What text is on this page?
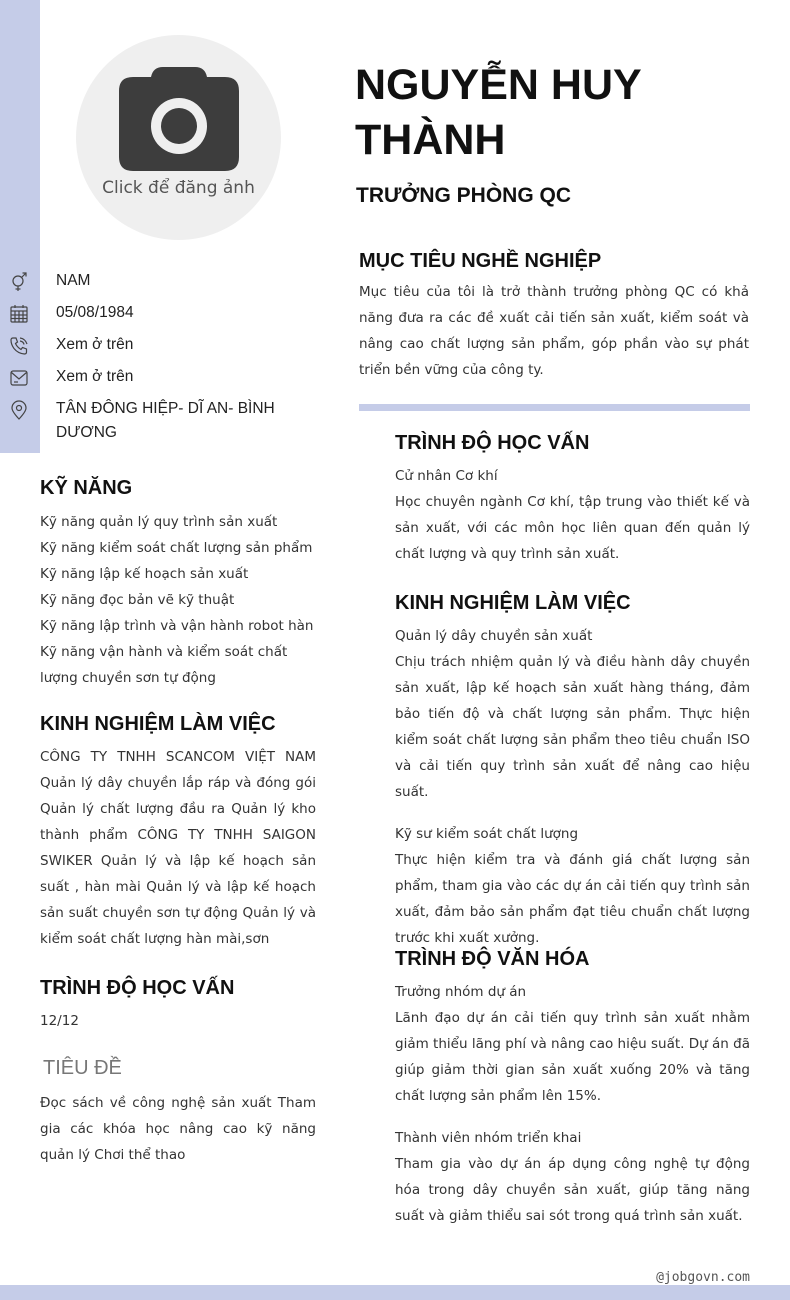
Click để đăng ảnh
NGUYỄN HUY THÀNH
TRƯỞNG PHÒNG QC
NAM
05/08/1984
Xem ở trên
Xem ở trên
TÂN ĐÔNG HIỆP- DĨ AN- BÌNH DƯƠNG
MỤC TIÊU NGHỀ NGHIỆP
Mục tiêu của tôi là trở thành trưởng phòng QC có khả năng đưa ra các đề xuất cải tiến sản xuất, kiểm soát và nâng cao chất lượng sản phẩm, góp phần vào sự phát triển bền vững của công ty.
KỸ NĂNG
Kỹ năng quản lý quy trình sản xuất
Kỹ năng kiểm soát chất lượng sản phẩm
Kỹ năng lập kế hoạch sản xuất
Kỹ năng đọc bản vẽ kỹ thuật
Kỹ năng lập trình và vận hành robot hàn
Kỹ năng vận hành và kiểm soát chất lượng chuyền sơn tự động
KINH NGHIỆM LÀM VIỆC
CÔNG TY TNHH SCANCOM VIỆT NAM Quản lý dây chuyền lắp ráp và đóng gói Quản lý chất lượng đầu ra Quản lý kho thành phẩm CÔNG TY TNHH SAIGON SWIKER Quản lý và lập kế hoạch sản suất , hàn mài Quản lý và lập kế hoạch sản suất chuyền sơn tự động Quản lý và kiểm soát chất lượng hàn mài,sơn
TRÌNH ĐỘ HỌC VẤN
12/12
TIÊU ĐỀ
Đọc sách về công nghệ sản xuất Tham gia các khóa học nâng cao kỹ năng quản lý Chơi thể thao
TRÌNH ĐỘ HỌC VẤN
Cử nhân Cơ khí
Học chuyên ngành Cơ khí, tập trung vào thiết kế và sản xuất, với các môn học liên quan đến quản lý chất lượng và quy trình sản xuất.
KINH NGHIỆM LÀM VIỆC
Quản lý dây chuyền sản xuất
Chịu trách nhiệm quản lý và điều hành dây chuyền sản xuất, lập kế hoạch sản xuất hàng tháng, đảm bảo tiến độ và chất lượng sản phẩm. Thực hiện kiểm soát chất lượng sản phẩm theo tiêu chuẩn ISO và cải tiến quy trình sản xuất để nâng cao hiệu suất.
Kỹ sư kiểm soát chất lượng
Thực hiện kiểm tra và đánh giá chất lượng sản phẩm, tham gia vào các dự án cải tiến quy trình sản xuất, đảm bảo sản phẩm đạt tiêu chuẩn chất lượng trước khi xuất xưởng.
TRÌNH ĐỘ VĂN HÓA
Trưởng nhóm dự án
Lãnh đạo dự án cải tiến quy trình sản xuất nhằm giảm thiểu lãng phí và nâng cao hiệu suất. Dự án đã giúp giảm thời gian sản xuất xuống 20% và tăng chất lượng sản phẩm lên 15%.
Thành viên nhóm triển khai
Tham gia vào dự án áp dụng công nghệ tự động hóa trong dây chuyền sản xuất, giúp tăng năng suất và giảm thiểu sai sót trong quá trình sản xuất.
@jobgovn.com
